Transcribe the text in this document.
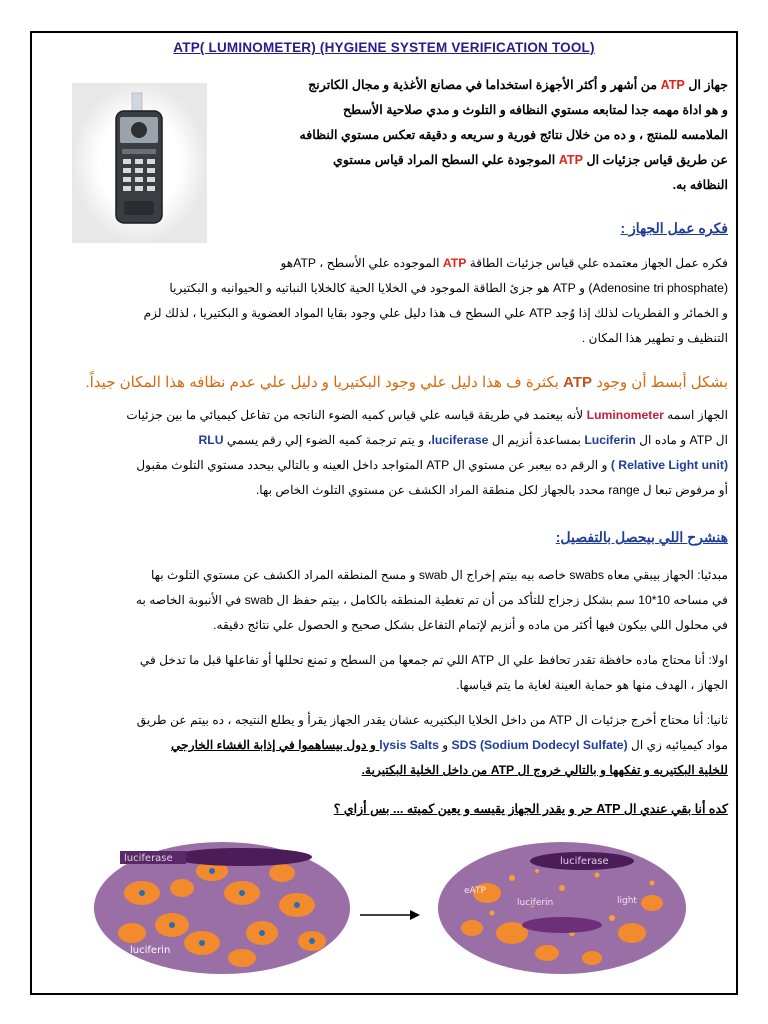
ATP( LUMINOMETER) (HYGIENE SYSTEM VERIFICATION TOOL)
جهاز ال ATP من أشهر و أكثر الأجهزة استخداما في مصانع الأغذية و مجال الكاترنج
و هو اداة مهمه جدا لمتابعه مستوي النظافه و التلوث و مدي صلاحية الأسطح
الملامسه للمنتج ، و ده من خلال نتائج فورية و سريعه و دقيقه تعكس مستوي النظافه
عن طريق قياس جزئيات ال ATP الموجودة علي السطح المراد قياس مستوي
النظافه به.
فكره عمل الجهاز :
فكره عمل الجهاز معتمده علي قياس جزئيات الطاقة ATP الموجوده علي الأسطح ، ATPهو
(Adenosine tri phosphate) و ATP هو جزئ الطاقة الموجود في الخلايا الحية كالخلايا النباتيه و الحيوانيه و البكتيريا
و الخمائر و الفطريات لذلك إذا وُجد ATP علي السطح ف هذا دليل علي وجود بقايا المواد العضوية و البكتيريا ، لذلك لزم
التنظيف و تطهير هذا المكان .
بشكل أبسط أن وجود ATP بكثرة ف هذا دليل علي وجود البكتيريا و دليل علي عدم نظافه هذا المكان جيداً.
الجهاز اسمه Luminometer لأنه بيعتمد في طريقة قياسه علي قياس كميه الضوء الناتجه من تفاعل كيميائي ما بين جزئيات
ال ATP و ماده ال Luciferin بمساعدة أنزيم ال luciferase، و يتم ترجمة كميه الضوء إلي رقم يسمي RLU
(Relative Light unit ) و الرقم ده بيعبر عن مستوي ال ATP المتواجد داخل العينه و بالتالي بيحدد مستوي التلوث مقبول
أو مرفوض تبعا ل range محدد بالجهاز لكل منطقة المراد الكشف عن مستوي التلوث الخاص بها.
هنشرح اللي بيحصل بالتفصيل:
مبدئيا: الجهاز بيبقي معاه swabs خاصه بيه بيتم إخراج ال swab و مسح المنطقه المراد الكشف عن مستوي التلوث بها
في مساحه 10*10 سم بشكل زجزاج للتأكد من أن تم تغطية المنطقه بالكامل ، بيتم حفظ ال swab في الأنبوبة الخاصه به
في محلول اللي بيكون فيها أكثر من ماده و أنزيم لإتمام التفاعل بشكل صحيح و الحصول علي نتائج دقيقه.
اولا: أنا محتاج ماده حافظة تقدر تحافظ علي ال ATP اللي تم جمعها من السطح و تمنع تحللها أو تفاعلها قبل ما تدخل في
الجهاز ، الهدف منها هو حماية العينة لغاية ما يتم قياسها.
ثانيا: أنا محتاج أخرج جزئيات ال ATP من داخل الخلايا البكتيريه عشان يقدر الجهاز يقرأ و يطلع النتيجه ، ده بيتم عن طريق
مواد كيميائيه زي ال (SDS (Sodium Dodecyl Sulfate و lysis Salts و دول بيساهموا في إذابة الغشاء الخارجي
للخلية البكتيريه و تفكهها و بالتالي خروج ال ATP من داخل الخلية البكتيرية.
كده أنا بقي عندي ال ATP حر و يقدر الجهاز يقيسه و يعين كميته ... بس أزاي ؟
luciferase
luciferin
eATP
luciferase
luciferin	light
